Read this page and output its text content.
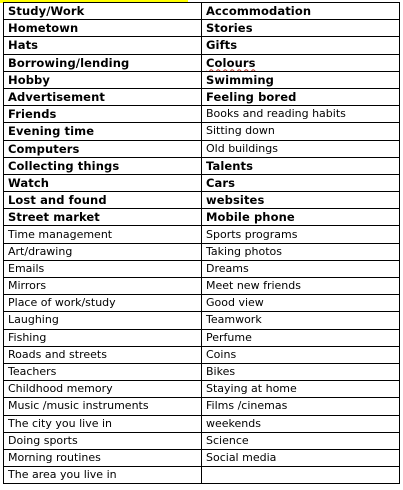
Study/Work	Accommodation
Hometown	Stories
Hats	Gifts
Borrowing/lending	Colours
Hobby	Swimming
Advertisement	Feeling bored
Friends	Books and reading habits
Evening time	Sitting down
Computers	Old buildings
Collecting things	Talents
Watch	Cars
Lost and found	websites
Street market	Mobile phone
Time management	Sports programs
Art/drawing	Taking photos
Emails	Dreams
Mirrors	Meet new friends
Place of work/study	Good view
Laughing	Teamwork
Fishing	Perfume
Roads and streets	Coins
Teachers	Bikes
Childhood memory	Staying at home
Music /music instruments	Films /cinemas
The city you live in	weekends
Doing sports	Science
Morning routines	Social media
The area you live in	
